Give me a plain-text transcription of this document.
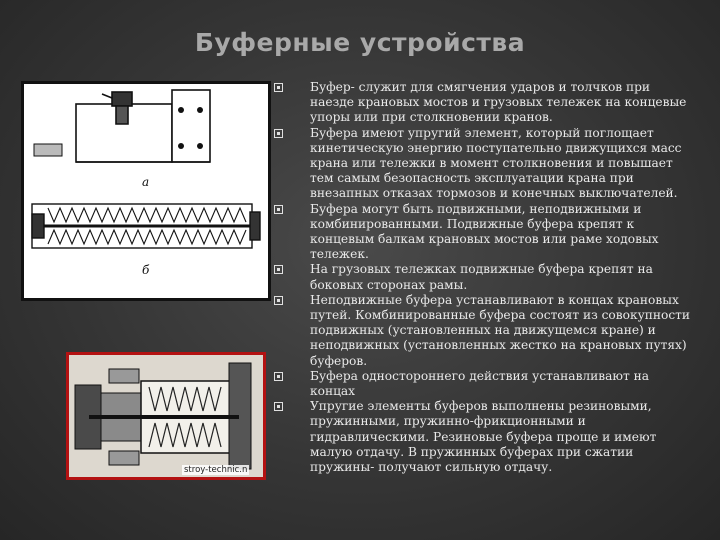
Буферные устройства
а
б
stroy-technic.n
Буфер- служит для смягчения ударов и толчков при наезде крановых мостов и грузовых тележек на концевые упоры или при столкновении кранов.
Буфера имеют упругий элемент, который поглощает кинетическую энергию поступательно движущихся масс крана или тележки в момент столкновения и повышает тем самым безопасность эксплуатации крана при внезапных отказах тормозов и конечных выключателей.
Буфера могут быть подвижными, неподвижными и комбинированными. Подвижные буфера крепят к концевым балкам крановых мостов или раме ходовых тележек.
На грузовых тележках подвижные буфера крепят на боковых сторонах рамы.
Неподвижные буфера устанавливают в концах крановых путей. Комбинированные буфера состоят из совокупности подвижных (установленных на движущемся кране) и неподвижных (установленных жестко на крановых путях) буферов.
Буфера одностороннего действия устанавливают на концах
Упругие элементы буферов выполнены резиновыми, пружинными, пружинно-фрикционными и гидравлическими. Резиновые буфера проще и имеют малую отдачу. В пружинных буферах при сжатии пружины- получают сильную отдачу.
